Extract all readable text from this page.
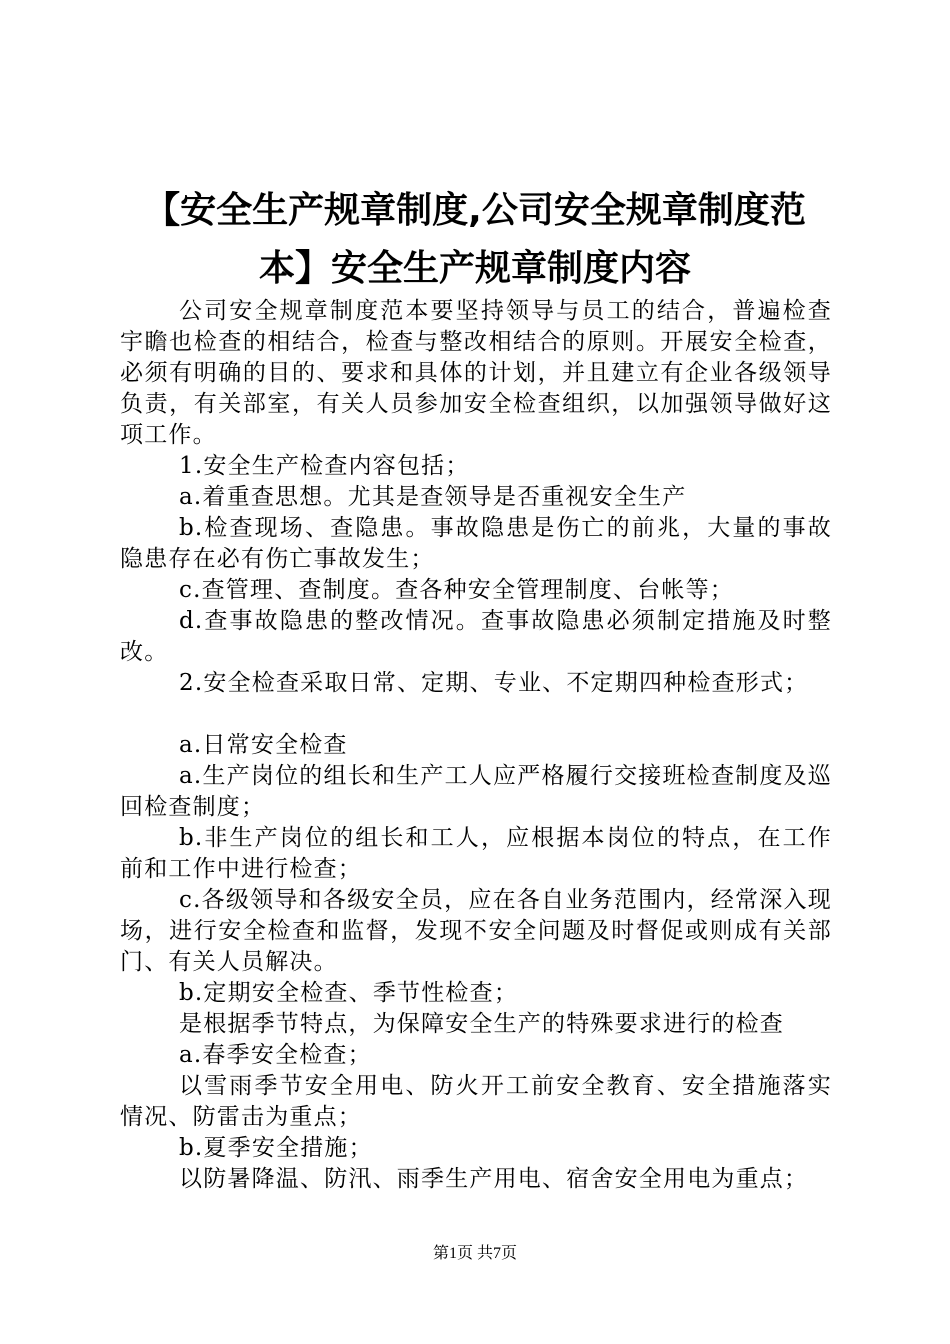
【安全生产规章制度,公司安全规章制度范
本】安全生产规章制度内容

公司安全规章制度范本要坚持领导与员工的结合，普遍检查宇瞻也检查的相结合，检查与整改相结合的原则。开展安全检查，必须有明确的目的、要求和具体的计划，并且建立有企业各级领导负责，有关部室，有关人员参加安全检查组织，以加强领导做好这项工作。

1.安全生产检查内容包括；

a.着重查思想。尤其是查领导是否重视安全生产

b.检查现场、查隐患。事故隐患是伤亡的前兆，大量的事故隐患存在必有伤亡事故发生；

c.查管理、查制度。查各种安全管理制度、台帐等；

d.查事故隐患的整改情况。查事故隐患必须制定措施及时整改。

2.安全检查采取日常、定期、专业、不定期四种检查形式；

a.日常安全检查

a.生产岗位的组长和生产工人应严格履行交接班检查制度及巡回检查制度；

b.非生产岗位的组长和工人，应根据本岗位的特点，在工作前和工作中进行检查；

c.各级领导和各级安全员，应在各自业务范围内，经常深入现场，进行安全检查和监督，发现不安全问题及时督促或则成有关部门、有关人员解决。

b.定期安全检查、季节性检查；

是根据季节特点，为保障安全生产的特殊要求进行的检查

a.春季安全检查；

以雪雨季节安全用电、防火开工前安全教育、安全措施落实情况、防雷击为重点；

b.夏季安全措施；

以防暑降温、防汛、雨季生产用电、宿舍安全用电为重点；

第1页 共7页
